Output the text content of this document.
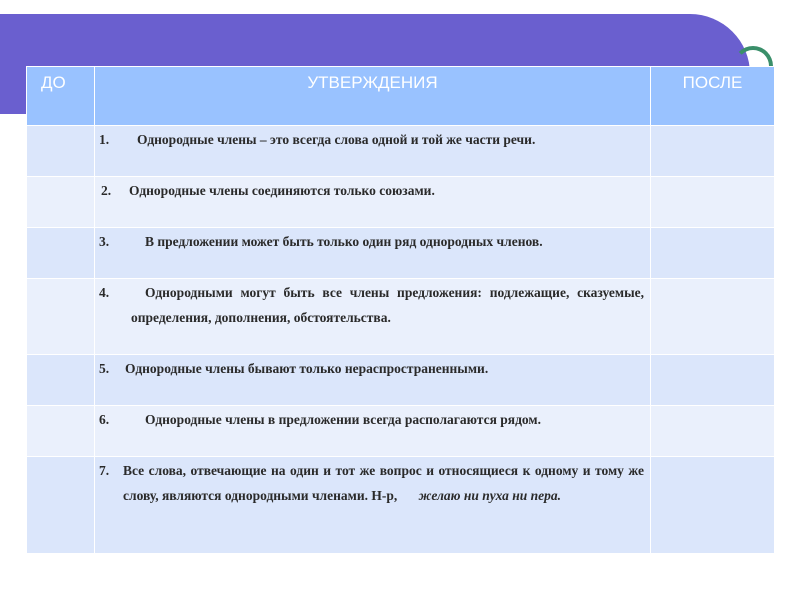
ДО	УТВЕРЖДЕНИЯ	ПОСЛЕ

	1. Однородные члены – это всегда слова одной и той же части речи.	

	2. Однородные члены соединяются только союзами.	

	3. В предложении может быть только один ряд однородных членов.	

	4. Однородными могут быть все члены предложения: подлежащие, сказуемые, определения, дополнения, обстоятельства.	

	5. Однородные члены бывают только нераспространенными.	

	6. Однородные члены в предложении всегда располагаются рядом.	

	7. Все слова, отвечающие на один и тот же вопрос и относящиеся к одному и тому же слову, являются однородными членами. Н-р, желаю ни пуха ни пера.	
